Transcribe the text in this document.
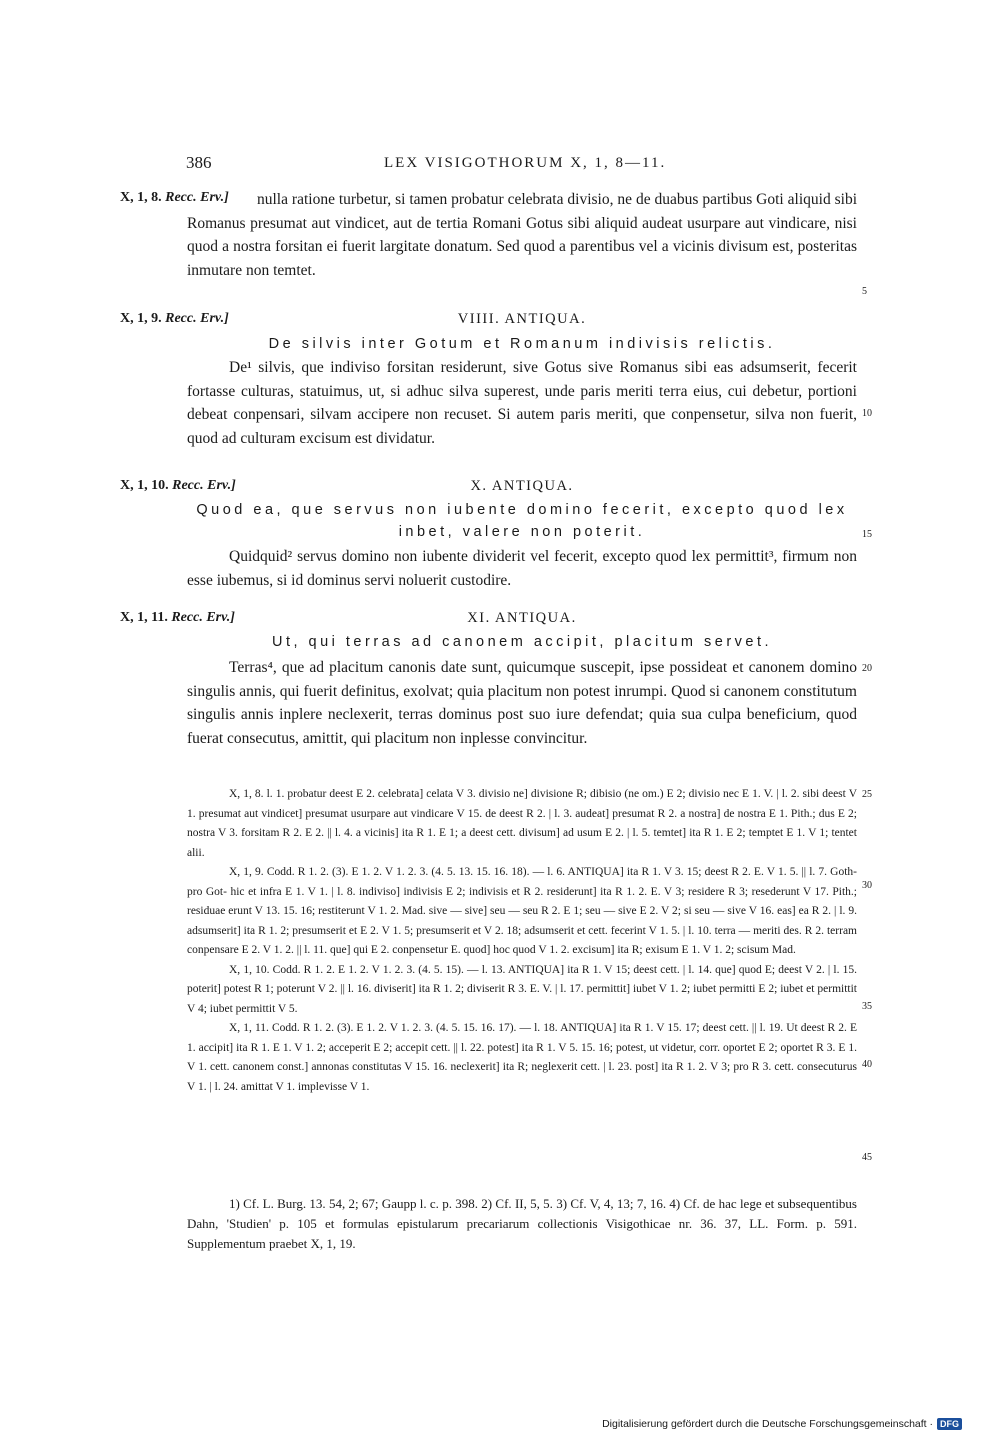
386	LEX VISIGOTHORUM X, 1, 8—11.
X, 1, 8. Recc. Erv.]	nulla ratione turbetur, si tamen probatur celebrata divisio, ne de duabus partibus Goti aliquid sibi Romanus presumat aut vindicet, aut de tertia Romani Gotus sibi aliquid audeat usurpare aut vindicare, nisi quod a nostra forsitan ei fuerit largitate donatum. Sed quod a parentibus vel a vicinis divisum est, posteritas inmutare non temtet.
X, 1, 9. Recc. Erv.]	VIIII. ANTIQUA.
De silvis inter Gotum et Romanum indivisis relictis.
De¹ silvis, que indiviso forsitan residerunt, sive Gotus sive Romanus sibi eas adsumserit, fecerit fortasse culturas, statuimus, ut, si adhuc silva superest, unde paris meriti terra eius, cui debetur, portioni debeat conpensari, silvam accipere non recuset. Si autem paris meriti, que conpensetur, silva non fuerit, quod ad culturam excisum est dividatur.
X, 1, 10. Recc. Erv.]	X. ANTIQUA.
Quod ea, que servus non iubente domino fecerit, excepto quod lex inbet, valere non poterit.
Quidquid² servus domino non iubente dividerit vel fecerit, excepto quod lex permittit³, firmum non esse iubemus, si id dominus servi noluerit custodire.
X, 1, 11. Recc. Erv.]	XI. ANTIQUA.
Ut, qui terras ad canonem accipit, placitum servet.
Terras⁴, que ad placitum canonis date sunt, quicumque suscepit, ipse possideat et canonem domino singulis annis, qui fuerit definitus, exolvat; quia placitum non potest inrumpi. Quod si canonem constitutum singulis annis inplere neclexerit, terras dominus post suo iure defendat; quia sua culpa beneficium, quod fuerat consecutus, amittit, qui placitum non inplesse convincitur.
5
10
15
20
25
30
35
40
45

X, 1, 8. l. 1. probatur deest E 2. celebrata] celata V 3. divisio ne] divisione R; dibisio (ne om.) E 2; divisio nec E 1. V. | l. 2. sibi deest V 1. presumat aut vindicet] presumat usurpare aut vindicare V 15. de deest R 2. | l. 3. audeat] presumat R 2. a nostra] de nostra E 1. Pith.; dus E 2; nostra V 3. forsitam R 2. E 2. || l. 4. a vicinis] ita R 1. E 1; a deest cett. divisum] ad usum E 2. | l. 5. temtet] ita R 1. E 2; temptet E 1. V 1; tentet alii.

X, 1, 9. Codd. R 1. 2. (3). E 1. 2. V 1. 2. 3. (4. 5. 13. 15. 16. 18). — l. 6. ANTIQUA] ita R 1. V 3. 15; deest R 2. E. V 1. 5. || l. 7. Goth- pro Got- hic et infra E 1. V 1. | l. 8. indiviso] indivisis E 2; indivisis et R 2. residerunt] ita R 1. 2. E. V 3; residere R 3; resederunt V 17. Pith.; residuae erunt V 13. 15. 16; restiterunt V 1. 2. Mad. sive — sive] seu — seu R 2. E 1; seu — sive E 2. V 2; si seu — sive V 16. eas] ea R 2. | l. 9. adsumserit] ita R 1. 2; presumserit et E 2. V 1. 5; presumserit et V 2. 18; adsumserit et cett. fecerint V 1. 5. | l. 10. terra — meriti des. R 2. terram conpensare E 2. V 1. 2. || l. 11. que] qui E 2. conpensetur E. quod] hoc quod V 1. 2. excisum] ita R; exisum E 1. V 1. 2; scisum Mad.

X, 1, 10. Codd. R 1. 2. E 1. 2. V 1. 2. 3. (4. 5. 15). — l. 13. ANTIQUA] ita R 1. V 15; deest cett. | l. 14. que] quod E; deest V 2. | l. 15. poterit] potest R 1; poterunt V 2. || l. 16. diviserit] ita R 1. 2; diviserit R 3. E. V. | l. 17. permittit] iubet V 1. 2; iubet permitti E 2; iubet et permittit V 4; iubet permittit V 5.

X, 1, 11. Codd. R 1. 2. (3). E 1. 2. V 1. 2. 3. (4. 5. 15. 16. 17). — l. 18. ANTIQUA] ita R 1. V 15. 17; deest cett. || l. 19. Ut deest R 2. E 1. accipit] ita R 1. E 1. V 1. 2; acceperit E 2; accepit cett. || l. 22. potest] ita R 1. V 5. 15. 16; potest, ut videtur, corr. oportet E 2; oportet R 3. E 1. V 1. cett. canonem const.] annonas constitutas V 15. 16. neclexerit] ita R; neglexerit cett. | l. 23. post] ita R 1. 2. V 3; pro R 3. cett. consecuturus V 1. | l. 24. amittat V 1. implevisse V 1.

1) Cf. L. Burg. 13. 54, 2; 67; Gaupp l. c. p. 398. 2) Cf. II, 5, 5. 3) Cf. V, 4, 13; 7, 16. 4) Cf. de hac lege et subsequentibus Dahn, 'Studien' p. 105 et formulas epistularum precariarum collectionis Visigothicae nr. 36. 37, LL. Form. p. 591. Supplementum praebet X, 1, 19.

Digitalisierung gefördert durch die Deutsche Forschungsgemeinschaft · DFG
